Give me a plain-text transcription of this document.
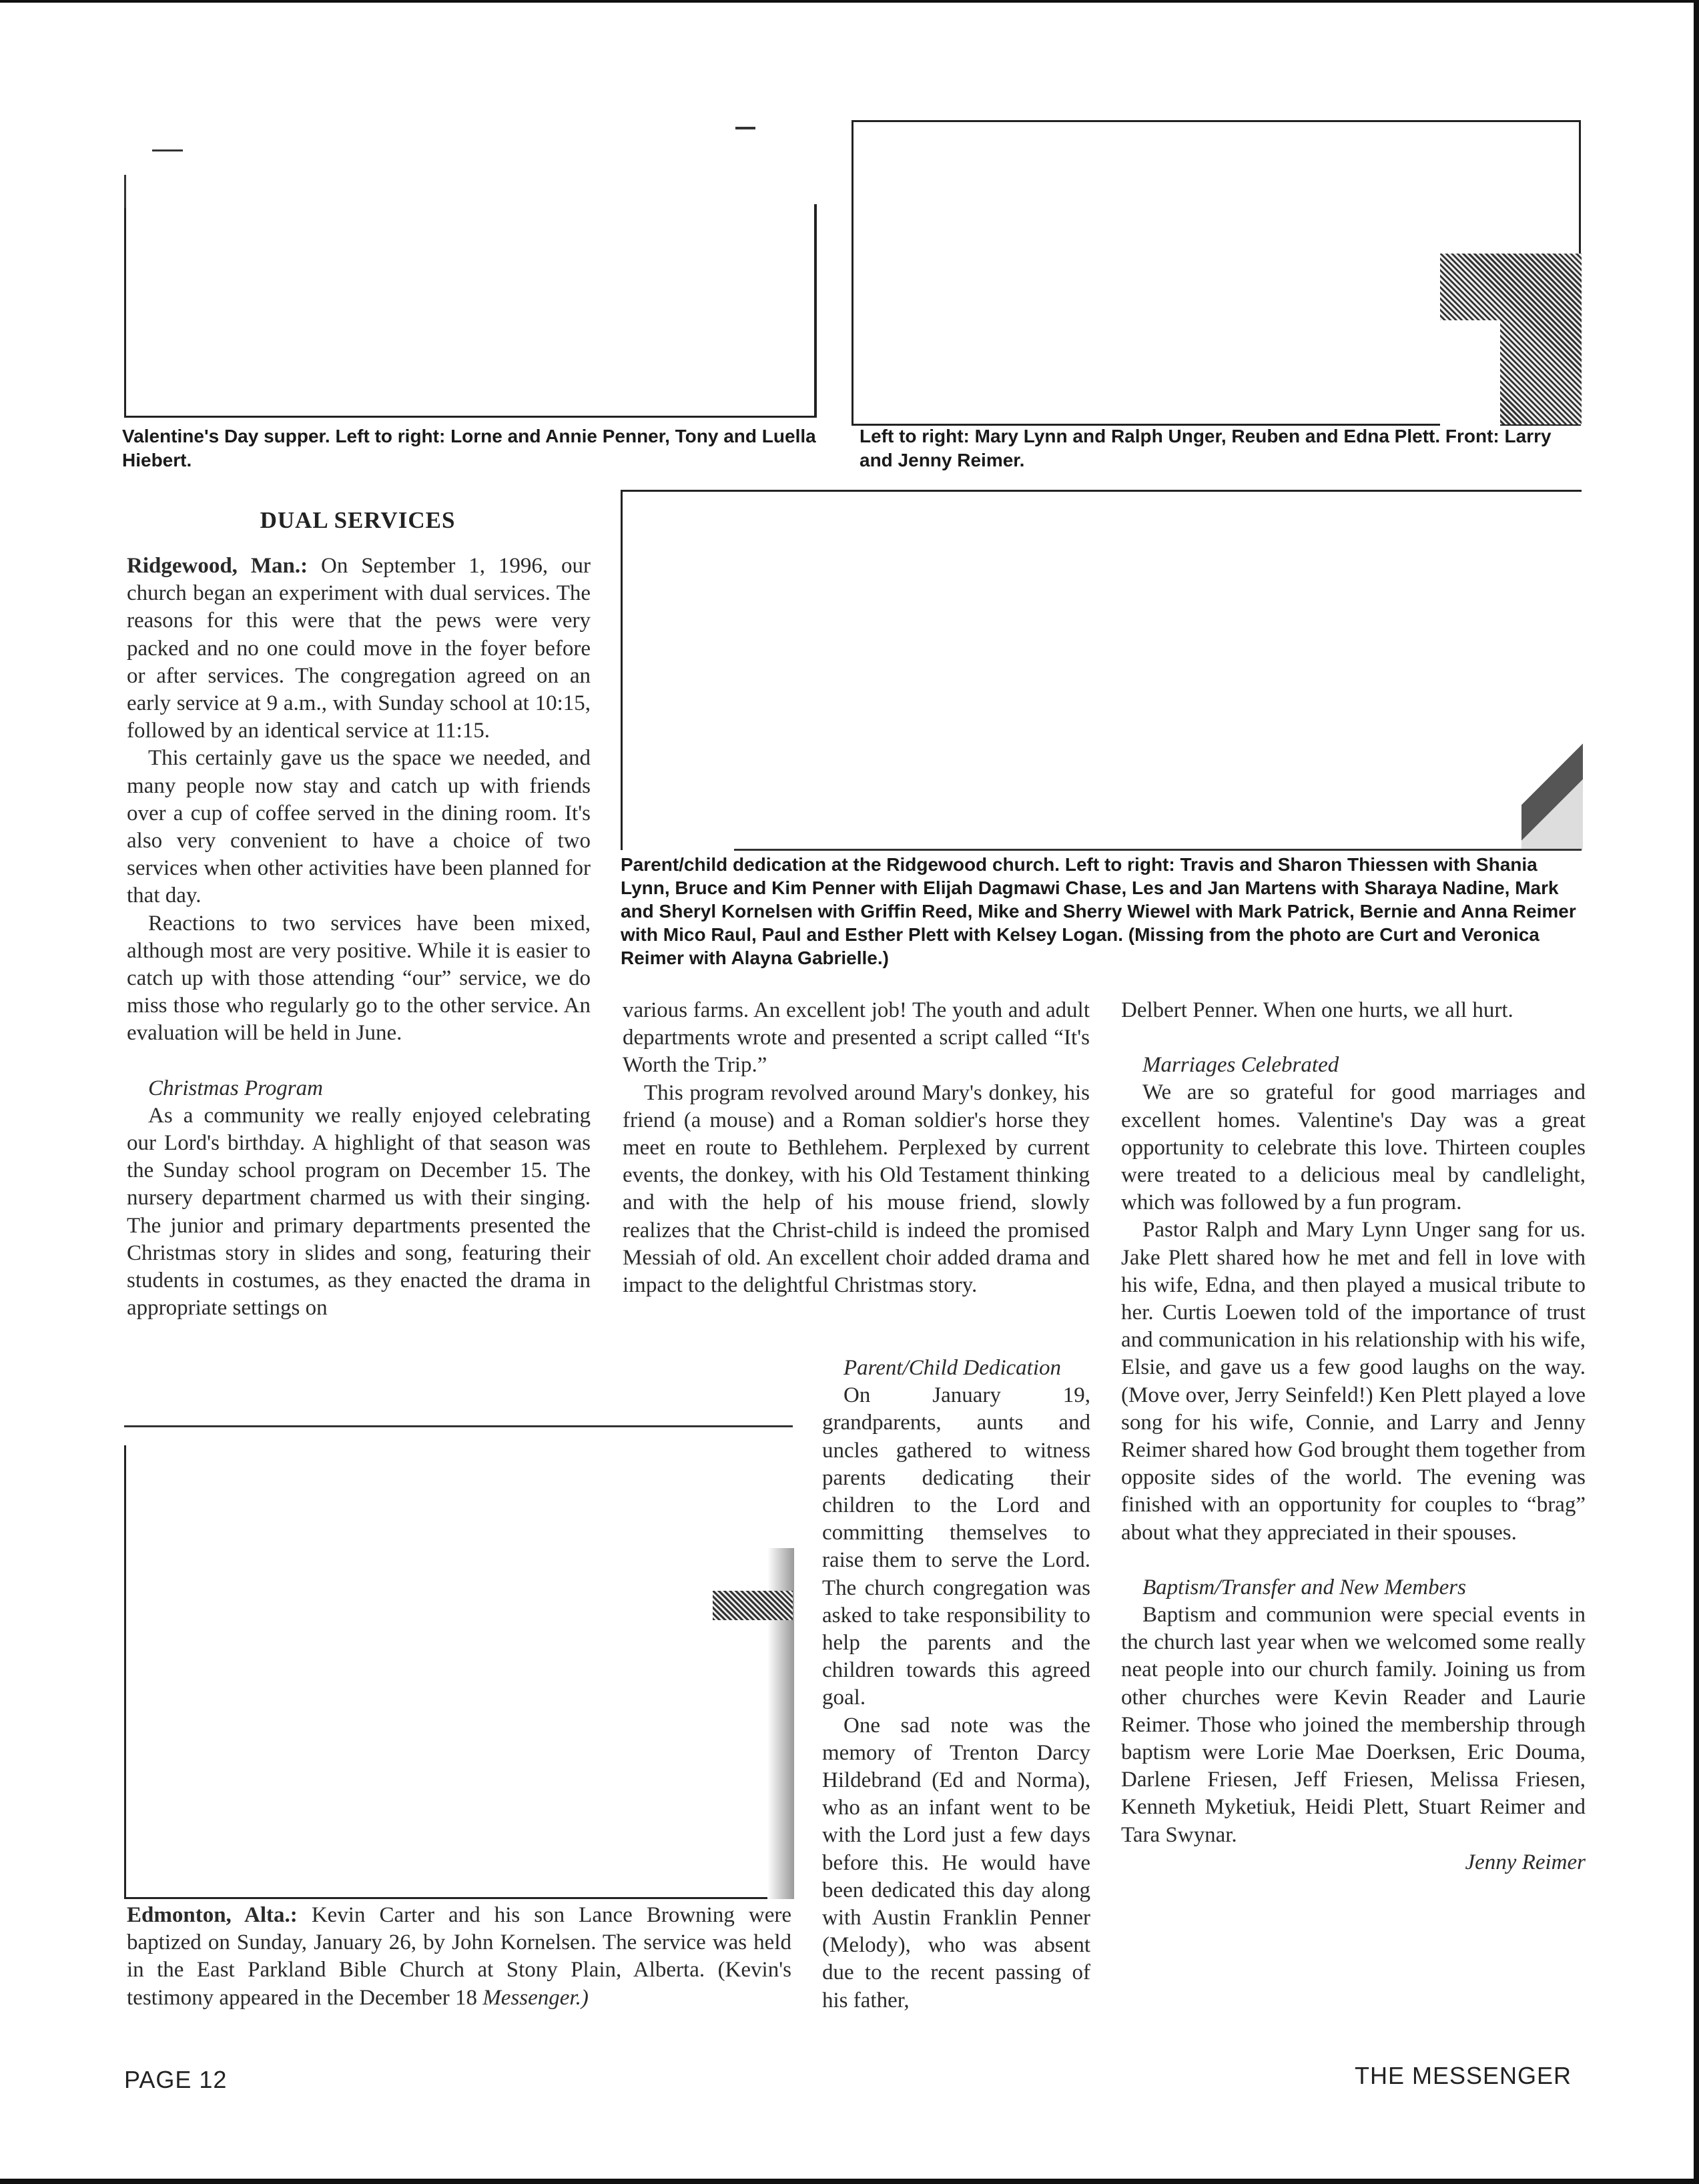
Valentine's Day supper. Left to right: Lorne and Annie Penner, Tony and Luella Hiebert.
Left to right: Mary Lynn and Ralph Unger, Reuben and Edna Plett. Front: Larry and Jenny Reimer.
Parent/child dedication at the Ridgewood church. Left to right: Travis and Sharon Thiessen with Shania Lynn, Bruce and Kim Penner with Elijah Dagmawi Chase, Les and Jan Martens with Sharaya Nadine, Mark and Sheryl Kornelsen with Griffin Reed, Mike and Sherry Wiewel with Mark Patrick, Bernie and Anna Reimer with Mico Raul, Paul and Esther Plett with Kelsey Logan. (Missing from the photo are Curt and Veronica Reimer with Alayna Gabrielle.)
DUAL SERVICES

Ridgewood, Man.: On September 1, 1996, our church began an experiment with dual services. The reasons for this were that the pews were very packed and no one could move in the foyer before or after services. The congregation agreed on an early service at 9 a.m., with Sunday school at 10:15, followed by an identical service at 11:15.

This certainly gave us the space we needed, and many people now stay and catch up with friends over a cup of coffee served in the dining room. It's also very convenient to have a choice of two services when other activities have been planned for that day.

Reactions to two services have been mixed, although most are very positive. While it is easier to catch up with those attending “our” service, we do miss those who regularly go to the other service. An evaluation will be held in June.

Christmas Program

As a community we really enjoyed celebrating our Lord's birthday. A highlight of that season was the Sunday school program on December 15. The nursery department charmed us with their singing. The junior and primary departments presented the Christmas story in slides and song, featuring their students in costumes, as they enacted the drama in appropriate settings on

various farms. An excellent job! The youth and adult departments wrote and presented a script called “It's Worth the Trip.”

This program revolved around Mary's donkey, his friend (a mouse) and a Roman soldier's horse they meet en route to Bethlehem. Perplexed by current events, the donkey, with his Old Testament thinking and with the help of his mouse friend, slowly realizes that the Christ-child is indeed the promised Messiah of old. An excellent choir added drama and impact to the delightful Christmas story.

Parent/Child Dedication

On January 19, grandparents, aunts and uncles gathered to witness parents dedicating their children to the Lord and committing themselves to raise them to serve the Lord. The church congregation was asked to take responsibility to help the parents and the children towards this agreed goal.

One sad note was the memory of Trenton Darcy Hildebrand (Ed and Norma), who as an infant went to be with the Lord just a few days before this. He would have been dedicated this day along with Austin Franklin Penner (Melody), who was absent due to the recent passing of his father,

Delbert Penner. When one hurts, we all hurt.

Marriages Celebrated

We are so grateful for good marriages and excellent homes. Valentine's Day was a great opportunity to celebrate this love. Thirteen couples were treated to a delicious meal by candlelight, which was followed by a fun program.

Pastor Ralph and Mary Lynn Unger sang for us. Jake Plett shared how he met and fell in love with his wife, Edna, and then played a musical tribute to her. Curtis Loewen told of the importance of trust and communication in his relationship with his wife, Elsie, and gave us a few good laughs on the way. (Move over, Jerry Seinfeld!) Ken Plett played a love song for his wife, Connie, and Larry and Jenny Reimer shared how God brought them together from opposite sides of the world. The evening was finished with an opportunity for couples to “brag” about what they appreciated in their spouses.

Baptism/Transfer and New Members

Baptism and communion were special events in the church last year when we welcomed some really neat people into our church family. Joining us from other churches were Kevin Reader and Laurie Reimer. Those who joined the membership through baptism were Lorie Mae Doerksen, Eric Douma, Darlene Friesen, Jeff Friesen, Melissa Friesen, Kenneth Myketiuk, Heidi Plett, Stuart Reimer and Tara Swynar.

Jenny Reimer

Edmonton, Alta.: Kevin Carter and his son Lance Browning were baptized on Sunday, January 26, by John Kornelsen. The service was held in the East Parkland Bible Church at Stony Plain, Alberta. (Kevin's testimony appeared in the December 18 Messenger.)

PAGE 12	THE MESSENGER
